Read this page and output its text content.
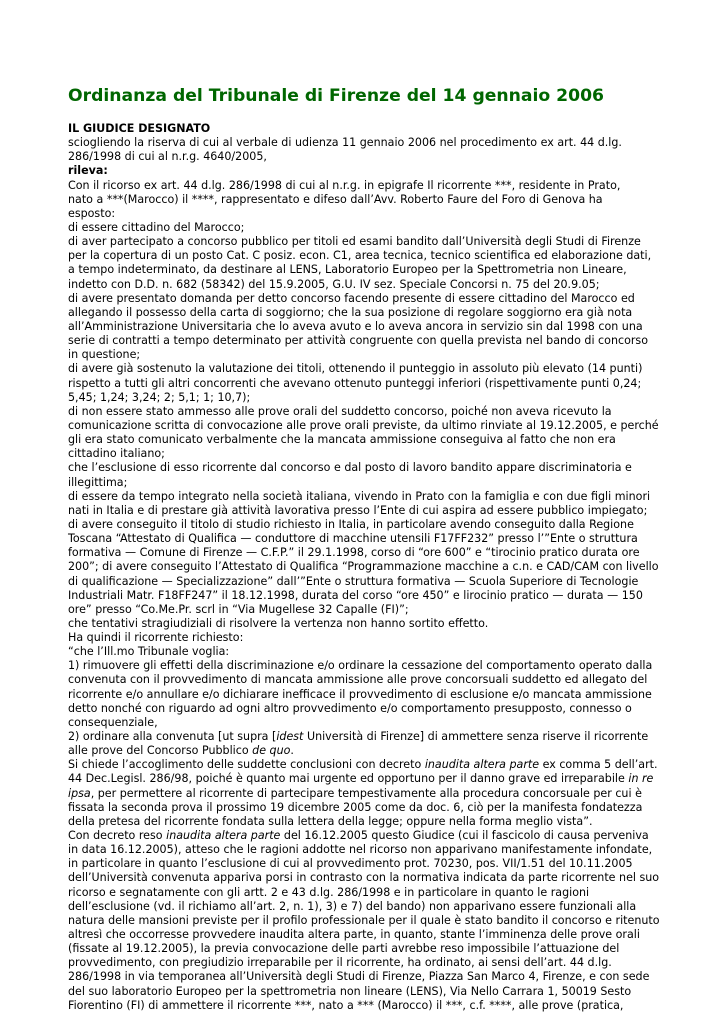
Ordinanza del Tribunale di Firenze del 14 gennaio 2006
IL GIUDICE DESIGNATO
sciogliendo la riserva di cui al verbale di udienza 11 gennaio 2006 nel procedimento ex art. 44 d.lg.
286/1998 di cui al n.r.g. 4640/2005,
rileva:
Con il ricorso ex art. 44 d.lg. 286/1998 di cui al n.r.g. in epigrafe Il ricorrente ***, residente in Prato,
nato a ***(Marocco) il ****, rappresentato e difeso dall’Avv. Roberto Faure del Foro di Genova ha
esposto:
di essere cittadino del Marocco;
di aver partecipato a concorso pubblico per titoli ed esami bandito dall’Università degli Studi di Firenze
per la copertura di un posto Cat. C posiz. econ. C1, area tecnica, tecnico scientifica ed elaborazione dati,
a tempo indeterminato, da destinare al LENS, Laboratorio Europeo per la Spettrometria non Lineare,
indetto con D.D. n. 682 (58342) del 15.9.2005, G.U. IV sez. Speciale Concorsi n. 75 del 20.9.05;
di avere presentato domanda per detto concorso facendo presente di essere cittadino del Marocco ed
allegando il possesso della carta di soggiorno; che la sua posizione di regolare soggiorno era già nota
all’Amministrazione Universitaria che lo aveva avuto e lo aveva ancora in servizio sin dal 1998 con una
serie di contratti a tempo determinato per attività congruente con quella prevista nel bando di concorso
in questione;
di avere già sostenuto la valutazione dei titoli, ottenendo il punteggio in assoluto più elevato (14 punti)
rispetto a tutti gli altri concorrenti che avevano ottenuto punteggi inferiori (rispettivamente punti 0,24;
5,45; 1,24; 3,24; 2; 5,1; 1; 10,7);
di non essere stato ammesso alle prove orali del suddetto concorso, poiché non aveva ricevuto la
comunicazione scritta di convocazione alle prove orali previste, da ultimo rinviate al 19.12.2005, e perché
gli era stato comunicato verbalmente che la mancata ammissione conseguiva al fatto che non era
cittadino italiano;
che l’esclusione di esso ricorrente dal concorso e dal posto di lavoro bandito appare discriminatoria e
illegittima;
di essere da tempo integrato nella società italiana, vivendo in Prato con la famiglia e con due figli minori
nati in Italia e di prestare già attività lavorativa presso l’Ente di cui aspira ad essere pubblico impiegato;
di avere conseguito il titolo di studio richiesto in Italia, in particolare avendo conseguito dalla Regione
Toscana “Attestato di Qualifica — conduttore di macchine utensili F17FF232” presso l’”Ente o struttura
formativa — Comune di Firenze — C.F.P.” il 29.1.1998, corso di “ore 600” e “tirocinio pratico durata ore
200”; di avere conseguito l’Attestato di Qualifica “Programmazione macchine a c.n. e CAD/CAM con livello
di qualificazione — Specializzazione” dall’”Ente o struttura formativa — Scuola Superiore di Tecnologie
Industriali Matr. F18FF247” il 18.12.1998, durata del corso “ore 450” e lirocinio pratico — durata — 150
ore” presso “Co.Me.Pr. scrl in “Via Mugellese 32 Capalle (FI)”;
che tentativi stragiudiziali di risolvere la vertenza non hanno sortito effetto.
Ha quindi il ricorrente richiesto:
“che l’Ill.mo Tribunale voglia:
1) rimuovere gli effetti della discriminazione e/o ordinare la cessazione del comportamento operato dalla
convenuta con il provvedimento di mancata ammissione alle prove concorsuali suddetto ed allegato del
ricorrente e/o annullare e/o dichiarare inefficace il provvedimento di esclusione e/o mancata ammissione
detto nonché con riguardo ad ogni altro provvedimento e/o comportamento presupposto, connesso o
consequenziale,
2) ordinare alla convenuta [ut supra [idest Università di Firenze] di ammettere senza riserve il ricorrente
alle prove del Concorso Pubblico de quo.
Si chiede l’accoglimento delle suddette conclusioni con decreto inaudita altera parte ex comma 5 dell’art.
44 Dec.Legisl. 286/98, poiché è quanto mai urgente ed opportuno per il danno grave ed irreparabile in re
ipsa, per permettere al ricorrente di partecipare tempestivamente alla procedura concorsuale per cui è
fissata la seconda prova il prossimo 19 dicembre 2005 come da doc. 6, ciò per la manifesta fondatezza
della pretesa del ricorrente fondata sulla lettera della legge; oppure nella forma meglio vista”.
Con decreto reso inaudita altera parte del 16.12.2005 questo Giudice (cui il fascicolo di causa perveniva
in data 16.12.2005), atteso che le ragioni addotte nel ricorso non apparivano manifestamente infondate,
in particolare in quanto l’esclusione di cui al provvedimento prot. 70230, pos. VII/1.51 del 10.11.2005
dell’Università convenuta appariva porsi in contrasto con la normativa indicata da parte ricorrente nel suo
ricorso e segnatamente con gli artt. 2 e 43 d.lg. 286/1998 e in particolare in quanto le ragioni
dell’esclusione (vd. il richiamo all’art. 2, n. 1), 3) e 7) del bando) non apparivano essere funzionali alla
natura delle mansioni previste per il profilo professionale per il quale è stato bandito il concorso e ritenuto
altresì che occorresse provvedere inaudita altera parte, in quanto, stante l’imminenza delle prove orali
(fissate al 19.12.2005), la previa convocazione delle parti avrebbe reso impossibile l’attuazione del
provvedimento, con pregiudizio irreparabile per il ricorrente, ha ordinato, ai sensi dell’art. 44 d.lg.
286/1998 in via temporanea all’Università degli Studi di Firenze, Piazza San Marco 4, Firenze, e con sede
del suo laboratorio Europeo per la spettrometria non lineare (LENS), Via Nello Carrara 1, 50019 Sesto
Fiorentino (FI) di ammettere il ricorrente ***, nato a *** (Marocco) il ***, c.f. ****, alle prove (pratica,
